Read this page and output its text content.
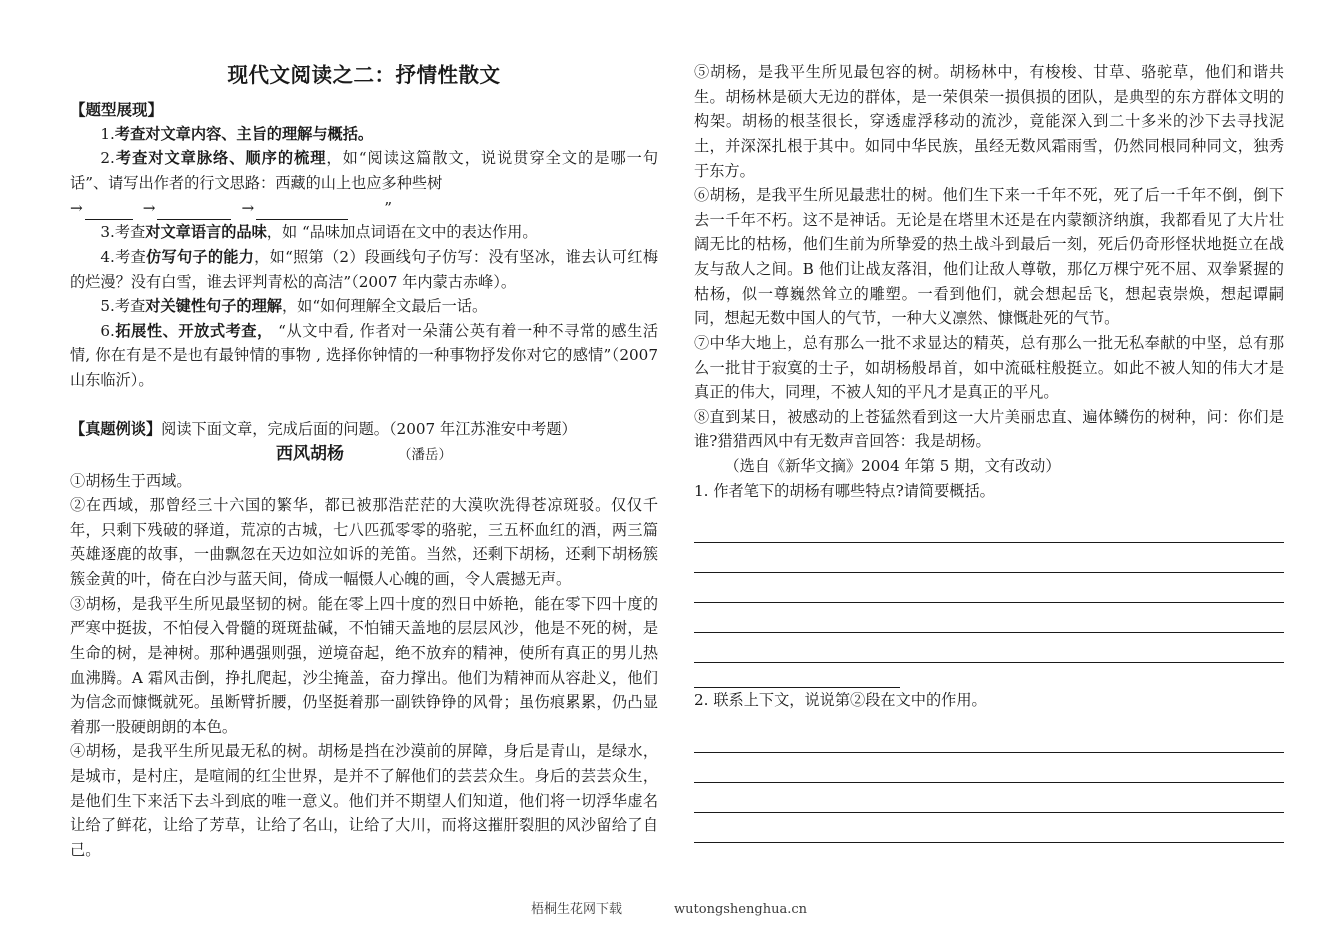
现代文阅读之二：抒情性散文
【题型展现】

1.考查对文章内容、主旨的理解与概括。

2.考查对文章脉络、顺序的梳理，如“阅读这篇散文，说说贯穿全文的是哪一句话”、请写出作者的行文思路：西藏的山上也应多种些树

→	→	→	”

3.考查对文章语言的品味，如 “品味加点词语在文中的表达作用。

4.考查仿写句子的能力，如“照第（2）段画线句子仿写：没有坚冰，谁去认可红梅的烂漫？没有白雪，谁去评判青松的高洁”（2007 年内蒙古赤峰）。

5.考查对关键性句子的理解，如“如何理解全文最后一话。

6.拓展性、开放式考查， “从文中看, 作者对一朵蒲公英有着一种不寻常的感生活情, 你在有是不是也有最钟情的事物 , 选择你钟情的一种事物抒发你对它的感情”（2007 山东临沂）。

【真题例谈】阅读下面文章，完成后面的问题。（2007 年江苏淮安中考题）

西风胡杨	（潘岳）

①胡杨生于西域。

②在西域，那曾经三十六国的繁华，都已被那浩茫茫的大漠吹洗得苍凉斑驳。仅仅千年，只剩下残破的驿道，荒凉的古城，七八匹孤零零的骆驼，三五杯血红的酒，两三篇英雄逐鹿的故事，一曲飘忽在天边如泣如诉的羌笛。当然，还剩下胡杨，还剩下胡杨簇簇金黄的叶，倚在白沙与蓝天间，倚成一幅慑人心魄的画，令人震撼无声。

③胡杨，是我平生所见最坚韧的树。能在零上四十度的烈日中娇艳，能在零下四十度的严寒中挺拔，不怕侵入骨髓的斑斑盐碱，不怕铺天盖地的层层风沙，他是不死的树，是生命的树，是神树。那种遇强则强，逆境奋起，绝不放弃的精神，使所有真正的男儿热血沸腾。A 霜风击倒，挣扎爬起，沙尘掩盖，奋力撑出。他们为精神而从容赴义，他们为信念而慷慨就死。虽断臂折腰，仍坚挺着那一副铁铮铮的风骨；虽伤痕累累，仍凸显着那一股硬朗朗的本色。

④胡杨，是我平生所见最无私的树。胡杨是挡在沙漠前的屏障，身后是青山，是绿水，是城市，是村庄，是喧闹的红尘世界，是并不了解他们的芸芸众生。身后的芸芸众生，是他们生下来活下去斗到底的唯一意义。他们并不期望人们知道，他们将一切浮华虚名让给了鲜花，让给了芳草，让给了名山，让给了大川，而将这摧肝裂胆的风沙留给了自己。

⑤胡杨，是我平生所见最包容的树。胡杨林中，有梭梭、甘草、骆驼草，他们和谐共生。胡杨林是硕大无边的群体，是一荣俱荣一损俱损的团队，是典型的东方群体文明的构架。胡杨的根茎很长，穿透虚浮移动的流沙，竟能深入到二十多米的沙下去寻找泥土，并深深扎根于其中。如同中华民族，虽经无数风霜雨雪，仍然同根同种同文，独秀于东方。

⑥胡杨，是我平生所见最悲壮的树。他们生下来一千年不死，死了后一千年不倒，倒下去一千年不朽。这不是神话。无论是在塔里木还是在内蒙额济纳旗，我都看见了大片壮阔无比的枯杨，他们生前为所挚爱的热土战斗到最后一刻，死后仍奇形怪状地挺立在战友与敌人之间。B 他们让战友落泪，他们让敌人尊敬，那亿万棵宁死不屈、双拳紧握的枯杨，似一尊巍然耸立的雕塑。一看到他们，就会想起岳飞，想起袁崇焕，想起谭嗣同，想起无数中国人的气节，一种大义凛然、慷慨赴死的气节。

⑦中华大地上，总有那么一批不求显达的精英，总有那么一批无私奉献的中坚，总有那么一批甘于寂寞的士子，如胡杨般昂首，如中流砥柱般挺立。如此不被人知的伟大才是真正的伟大，同理，不被人知的平凡才是真正的平凡。

⑧直到某日，被感动的上苍猛然看到这一大片美丽忠直、遍体鳞伤的树种，问：你们是谁?猎猎西风中有无数声音回答：我是胡杨。

（选自《新华文摘》2004 年第 5 期，文有改动）

1. 作者笔下的胡杨有哪些特点?请简要概括。

2. 联系上下文，说说第②段在文中的作用。

梧桐生花网下载	wutongshenghua.cn
